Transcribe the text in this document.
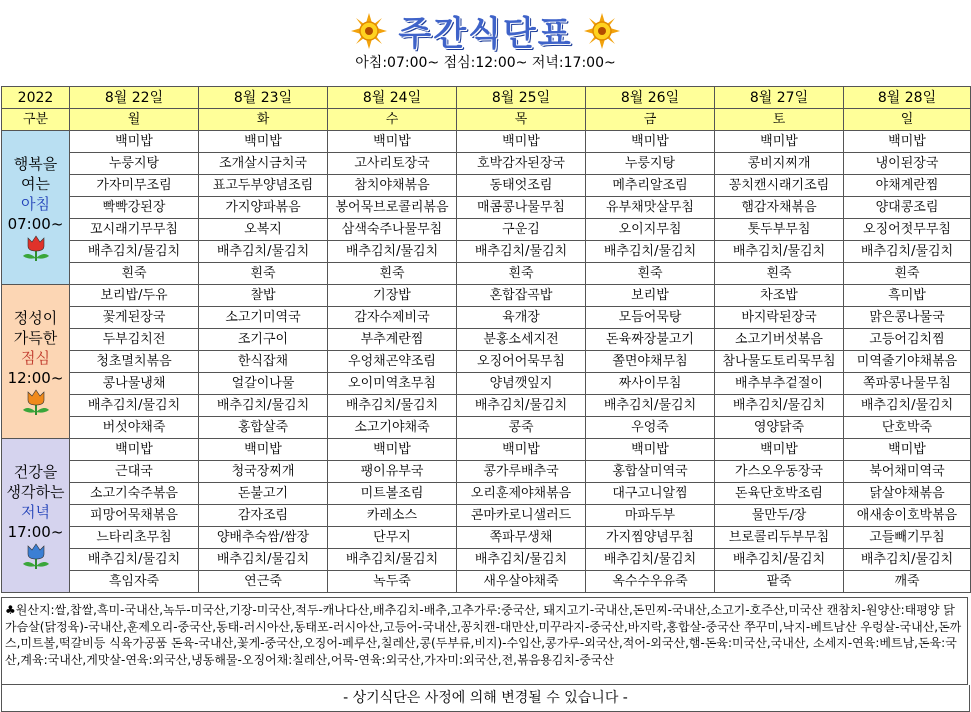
주간식단표
아침:07:00~ 점심:12:00~ 저녁:17:00~
2022	8월 22일	8월 23일	8월 24일	8월 25일	8월 26일	8월 27일	8월 28일
구분	월	화	수	목	금	토	일

행복을
여는
아침
07:00~	백미밥	백미밥	백미밥	백미밥	백미밥	백미밥	백미밥
	누룽지탕	조개살시금치국	고사리토장국	호박감자된장국	누룽지탕	콩비지찌개	냉이된장국
	가자미무조림	표고두부양념조림	참치야채볶음	동태엇조림	메추리알조림	꽁치캔시래기조림	야채계란찜
	빡빡강된장	가지양파볶음	봉어묵브로콜리볶음	매콤콩나물무침	유부채맛살무침	햄감자채볶음	양대콩조림
	꼬시래기무무침	오복지	삼색숙주나물무침	구운김	오이지무침	톳두부무침	오징어젓무무침
	배추김치/물김치	배추김치/물김치	배추김치/물김치	배추김치/물김치	배추김치/물김치	배추김치/물김치	배추김치/물김치
	흰죽	흰죽	흰죽	흰죽	흰죽	흰죽	흰죽

정성이
가득한
점심
12:00~	보리밥/두유	찰밥	기장밥	혼합잡곡밥	보리밥	차조밥	흑미밥
	꽃게된장국	소고기미역국	감자수제비국	육개장	모듬어묵탕	바지락된장국	맑은콩나물국
	두부김치전	조기구이	부추계란찜	분홍소세지전	돈육짜장불고기	소고기버섯볶음	고등어김치찜
	청초멸치볶음	한식잡채	우엉채곤약조림	오징어어묵무침	쫄면야채무침	참나물도토리묵무침	미역줄기야채볶음
	콩나물냉채	얼갈이나물	오이미역초무침	양념깻잎지	짜사이무침	배추부추겉절이	쪽파콩나물무침
	배추김치/물김치	배추김치/물김치	배추김치/물김치	배추김치/물김치	배추김치/물김치	배추김치/물김치	배추김치/물김치
	버섯야채죽	홍합살죽	소고기야채죽	콩죽	우엉죽	영양닭죽	단호박죽

건강을
생각하는
저녁
17:00~	백미밥	백미밥	백미밥	백미밥	백미밥	백미밥	백미밥
	근대국	청국장찌개	팽이유부국	콩가루배추국	홍합살미역국	가스오우동장국	북어채미역국
	소고기숙주볶음	돈불고기	미트볼조림	오리훈제야채볶음	대구고니알찜	돈육단호박조림	닭살야채볶음
	피망어묵채볶음	감자조림	카레소스	콘마카로니샐러드	마파두부	물만두/장	애새송이호박볶음
	느타리초무침	양배추숙쌈/쌈장	단무지	쪽파무생채	가지찜양념무침	브로콜리두부무침	고들빼기무침
	배추김치/물김치	배추김치/물김치	배추김치/물김치	배추김치/물김치	배추김치/물김치	배추김치/물김치	배추김치/물김치
	흑임자죽	연근죽	녹두죽	새우살야채죽	옥수수우유죽	팥죽	깨죽
♣원산지:쌀,찹쌀,흑미-국내산,녹두-미국산,기장-미국산,적두-캐나다산,배추김치-배추,고추가루:중국산, 돼지고기-국내산,돈민찌-국내산,소고기-호주산,미국산 캔참치-원양산:태평양 닭가슴살(닭정육)-국내산,훈제오리-중국산,동태-러시아산,동태포-러시아산,고등어-국내산,꽁치캔-대만산,미꾸라지-중국산,바지락,홍합살-중국산 쭈꾸미,낙지-베트남산 우렁살-국내산,돈까스,미트볼,떡갈비등 식육가공품 돈육-국내산,꽃게-중국산,오징어-페루산,칠레산,콩(두부류,비지)-수입산,콩가루-외국산,적어-외국산,햄-돈육:미국산,국내산, 소세지-연육:베트남,돈육:국산,계육:국내산,게맛살-연육:외국산,냉동해물-오징어채:칠레산,어묵-연육:외국산,가자미:외국산,전,볶음용김치-중국산
- 상기식단은 사정에 의해 변경될 수 있습니다 -
